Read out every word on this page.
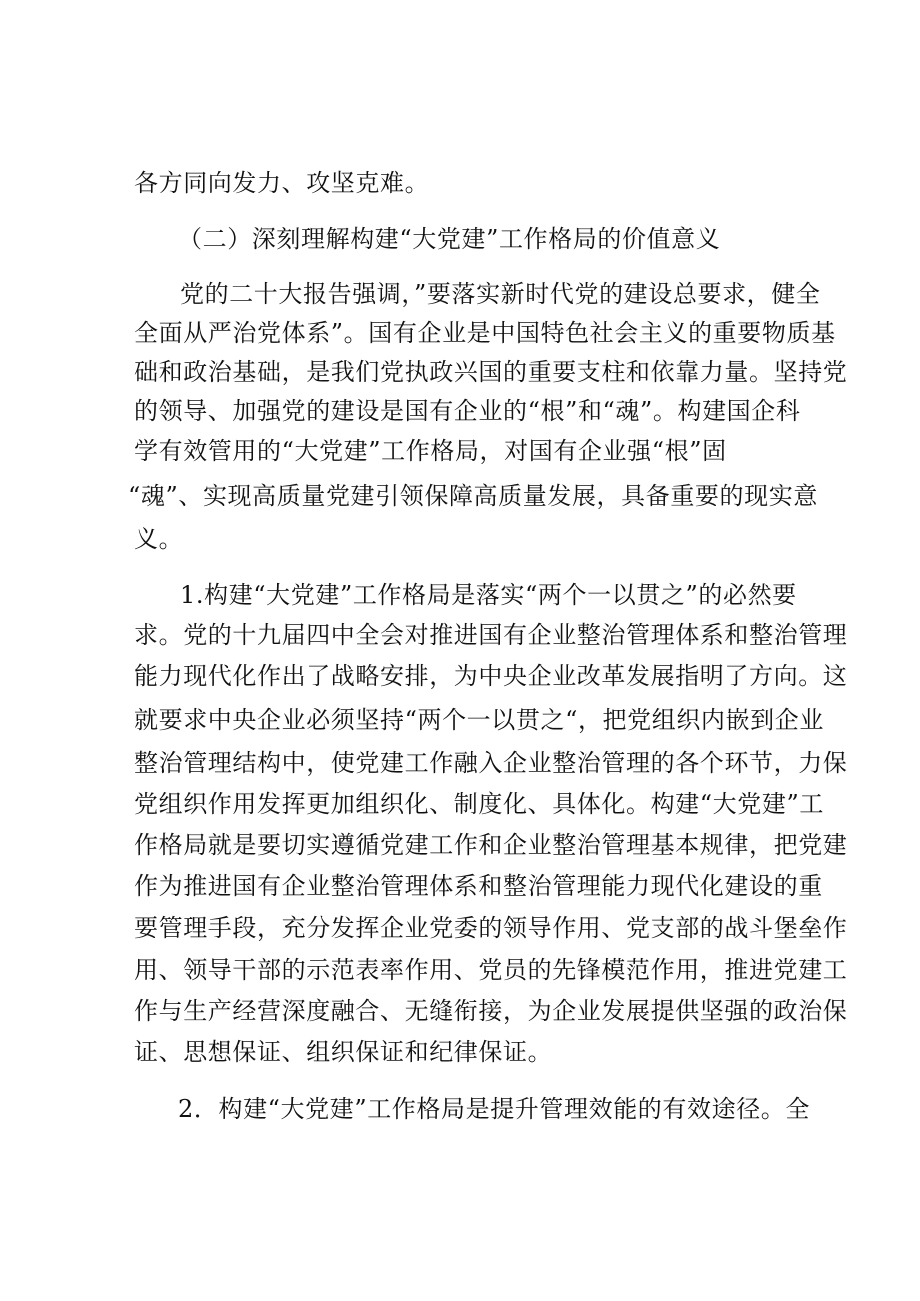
各方同向发力、攻坚克难。
（二）深刻理解构建“大党建”工作格局的价值意义
党的二十大报告强调，”要落实新时代党的建设总要求，健全
全面从严治党体系”。国有企业是中国特色社会主义的重要物质基
础和政治基础，是我们党执政兴国的重要支柱和依靠力量。坚持党
的领导、加强党的建设是国有企业的“根”和“魂”。构建国企科
学有效管用的“大党建”工作格局，对国有企业强“根”固
“魂”、实现高质量党建引领保障高质量发展，具备重要的现实意
义。
1.构建“大党建”工作格局是落实“两个一以贯之”的必然要
求。党的十九届四中全会对推进国有企业整治管理体系和整治管理
能力现代化作出了战略安排，为中央企业改革发展指明了方向。这
就要求中央企业必须坚持“两个一以贯之“，把党组织内嵌到企业
整治管理结构中，使党建工作融入企业整治管理的各个环节，力保
党组织作用发挥更加组织化、制度化、具体化。构建“大党建”工
作格局就是要切实遵循党建工作和企业整治管理基本规律，把党建
作为推进国有企业整治管理体系和整治管理能力现代化建设的重
要管理手段，充分发挥企业党委的领导作用、党支部的战斗堡垒作
用、领导干部的示范表率作用、党员的先锋模范作用，推进党建工
作与生产经营深度融合、无缝衔接，为企业发展提供坚强的政治保
证、思想保证、组织保证和纪律保证。
2．构建“大党建”工作格局是提升管理效能的有效途径。全
